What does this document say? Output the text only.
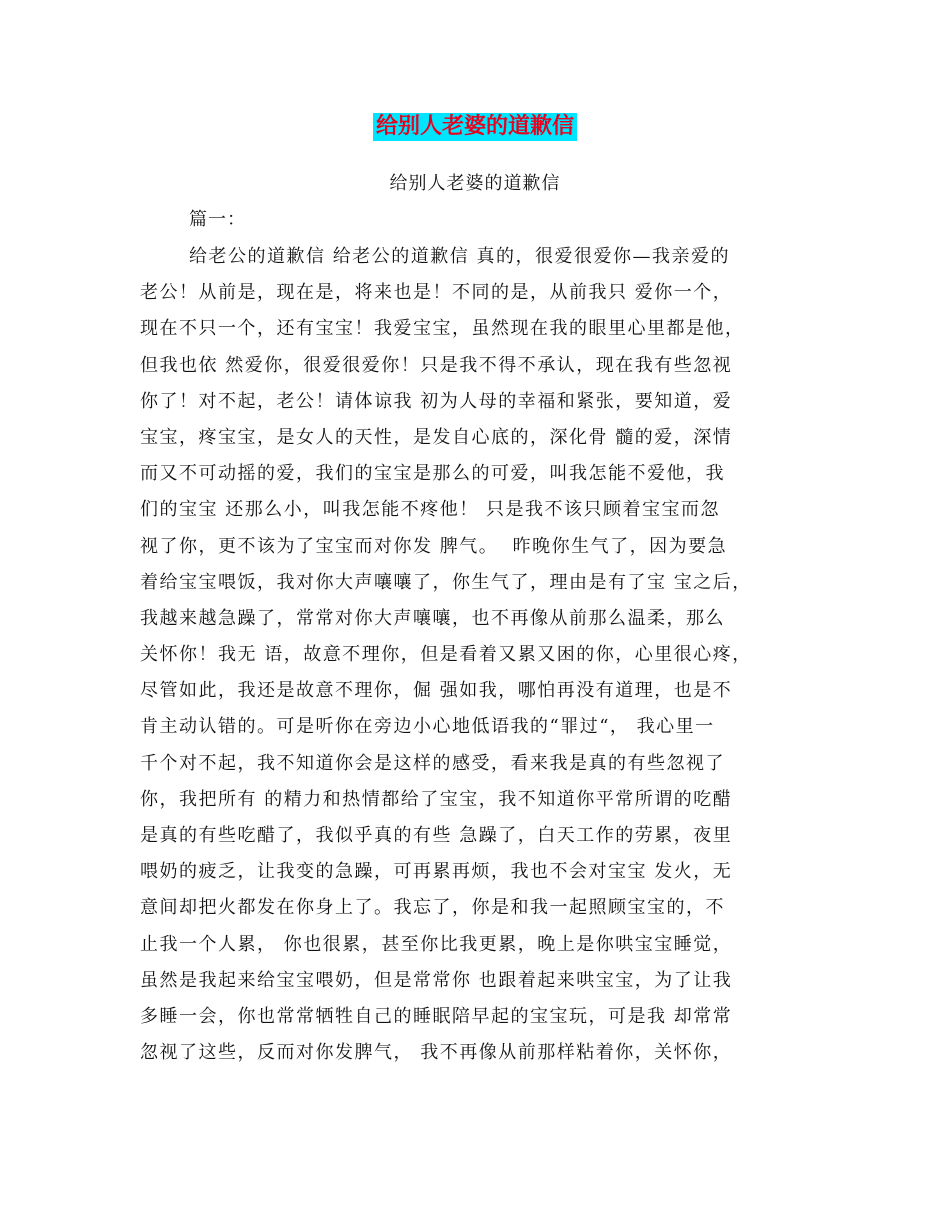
给别人老婆的道歉信
给别人老婆的道歉信
篇一：
给老公的道歉信 给老公的道歉信 真的，很爱很爱你—我亲爱的
老公！从前是，现在是，将来也是！不同的是，从前我只 爱你一个，
现在不只一个，还有宝宝！我爱宝宝，虽然现在我的眼里心里都是他，
但我也依 然爱你，很爱很爱你！只是我不得不承认，现在我有些忽视
你了！对不起，老公！请体谅我 初为人母的幸福和紧张，要知道，爱
宝宝，疼宝宝，是女人的天性，是发自心底的，深化骨 髓的爱，深情
而又不可动摇的爱，我们的宝宝是那么的可爱，叫我怎能不爱他，我
们的宝宝 还那么小，叫我怎能不疼他！ 只是我不该只顾着宝宝而忽
视了你，更不该为了宝宝而对你发 脾气。  昨晚你生气了，因为要急
着给宝宝喂饭，我对你大声嚷嚷了，你生气了，理由是有了宝 宝之后，
我越来越急躁了，常常对你大声嚷嚷，也不再像从前那么温柔，那么
关怀你！我无 语，故意不理你，但是看着又累又困的你，心里很心疼，
尽管如此，我还是故意不理你，倔 强如我，哪怕再没有道理，也是不
肯主动认错的。可是听你在旁边小心地低语我的“罪过“， 我心里一
千个对不起，我不知道你会是这样的感受，看来我是真的有些忽视了
你，我把所有 的精力和热情都给了宝宝，我不知道你平常所谓的吃醋
是真的有些吃醋了，我似乎真的有些 急躁了，白天工作的劳累，夜里
喂奶的疲乏，让我变的急躁，可再累再烦，我也不会对宝宝 发火，无
意间却把火都发在你身上了。我忘了，你是和我一起照顾宝宝的，不
止我一个人累， 你也很累，甚至你比我更累，晚上是你哄宝宝睡觉，
虽然是我起来给宝宝喂奶，但是常常你 也跟着起来哄宝宝，为了让我
多睡一会，你也常常牺牲自己的睡眠陪早起的宝宝玩，可是我 却常常
忽视了这些，反而对你发脾气， 我不再像从前那样粘着你，关怀你，
